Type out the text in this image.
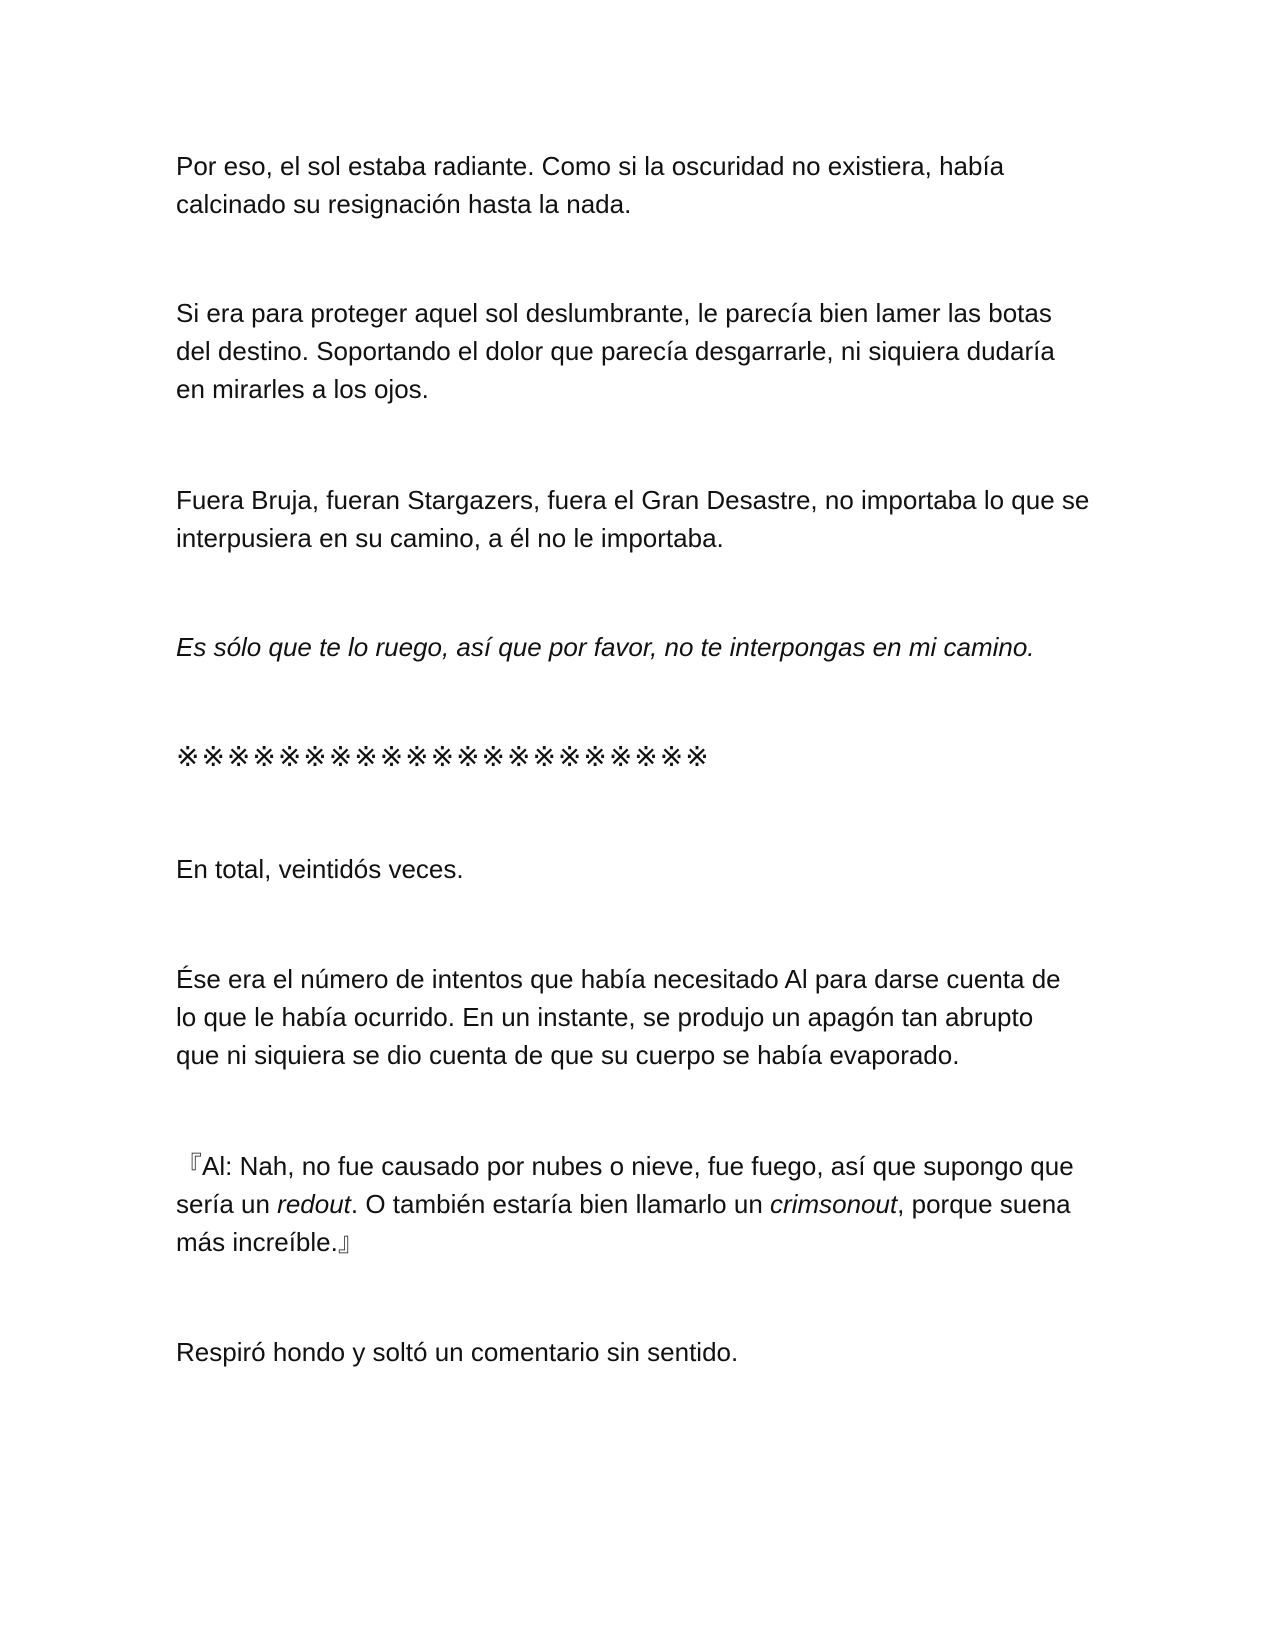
Por eso, el sol estaba radiante. Como si la oscuridad no existiera, había
calcinado su resignación hasta la nada.

Si era para proteger aquel sol deslumbrante, le parecía bien lamer las botas
del destino. Soportando el dolor que parecía desgarrarle, ni siquiera dudaría
en mirarles a los ojos.

Fuera Bruja, fueran Stargazers, fuera el Gran Desastre, no importaba lo que se
interpusiera en su camino, a él no le importaba.

Es sólo que te lo ruego, así que por favor, no te interpongas en mi camino.

※※※※※※※※※※※※※※※※※※※※※

En total, veintidós veces.

Ése era el número de intentos que había necesitado Al para darse cuenta de
lo que le había ocurrido. En un instante, se produjo un apagón tan abrupto
que ni siquiera se dio cuenta de que su cuerpo se había evaporado.

『Al: Nah, no fue causado por nubes o nieve, fue fuego, así que supongo que
sería un redout. O también estaría bien llamarlo un crimsonout, porque suena
más increíble.』

Respiró hondo y soltó un comentario sin sentido.
